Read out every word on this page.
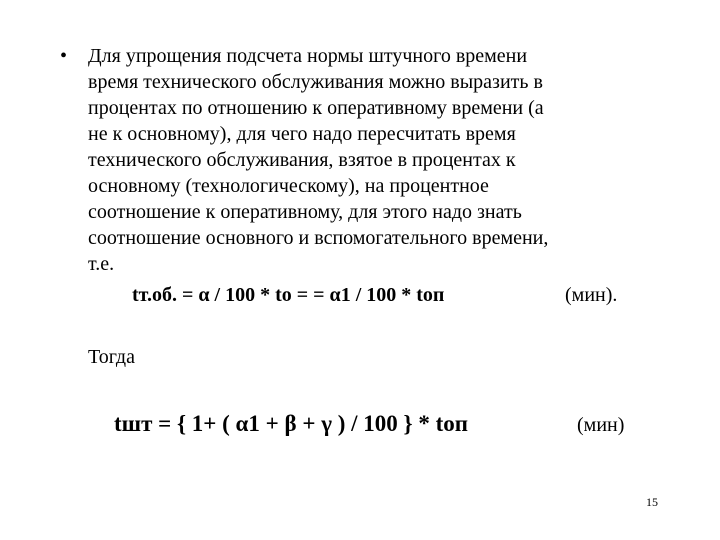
• Для упрощения подсчета нормы штучного времени
время технического обслуживания можно выразить в
процентах по отношению к оперативному времени (а
не к основному), для чего надо пересчитать время
технического обслуживания, взятое в процентах к
основному (технологическому), на процентное
соотношение к оперативному, для этого надо знать
соотношение основного и вспомогательного времени,
т.е.
tт.об. = α / 100 * tо = = α1 / 100 * tоп	(мин).
Тогда
tшт = { 1+ ( α1 + β + γ ) / 100 } * tоп	(мин)
15
